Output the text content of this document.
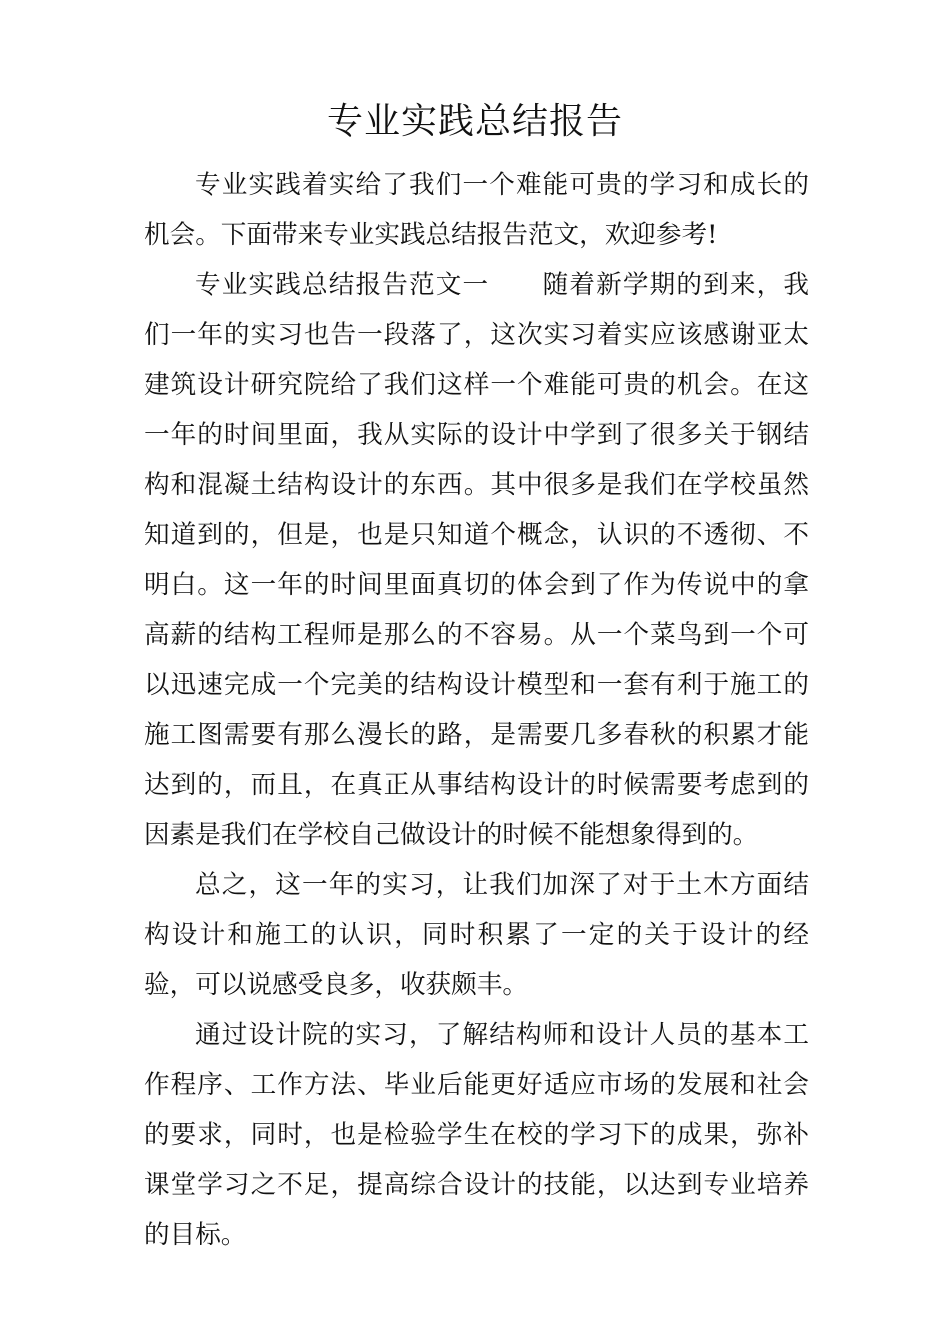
专业实践总结报告

专业实践着实给了我们一个难能可贵的学习和成长的机会。下面带来专业实践总结报告范文，欢迎参考!

专业实践总结报告范文一　　随着新学期的到来，我们一年的实习也告一段落了，这次实习着实应该感谢亚太建筑设计研究院给了我们这样一个难能可贵的机会。在这一年的时间里面，我从实际的设计中学到了很多关于钢结构和混凝土结构设计的东西。其中很多是我们在学校虽然知道到的，但是，也是只知道个概念，认识的不透彻、不明白。这一年的时间里面真切的体会到了作为传说中的拿高薪的结构工程师是那么的不容易。从一个菜鸟到一个可以迅速完成一个完美的结构设计模型和一套有利于施工的施工图需要有那么漫长的路，是需要几多春秋的积累才能达到的，而且，在真正从事结构设计的时候需要考虑到的因素是我们在学校自己做设计的时候不能想象得到的。

总之，这一年的实习，让我们加深了对于土木方面结构设计和施工的认识，同时积累了一定的关于设计的经验，可以说感受良多，收获颇丰。

通过设计院的实习，了解结构师和设计人员的基本工作程序、工作方法、毕业后能更好适应市场的发展和社会的要求，同时，也是检验学生在校的学习下的成果，弥补课堂学习之不足，提高综合设计的技能，以达到专业培养的目标。
